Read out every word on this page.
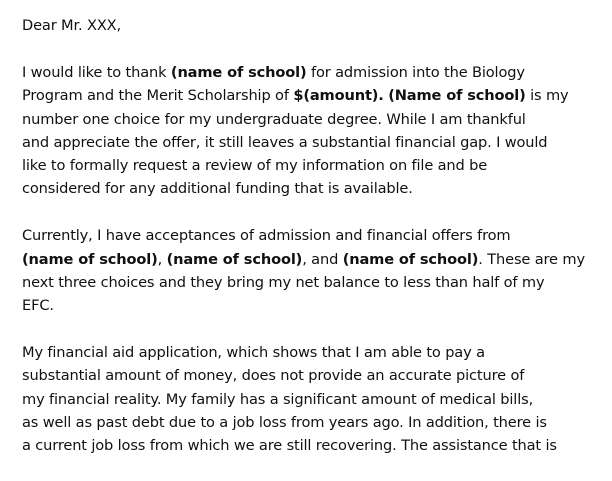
Dear Mr. XXX,

I would like to thank (name of school) for admission into the Biology
Program and the Merit Scholarship of $(amount). (Name of school) is my
number one choice for my undergraduate degree. While I am thankful
and appreciate the offer, it still leaves a substantial financial gap. I would
like to formally request a review of my information on file and be
considered for any additional funding that is available.

Currently, I have acceptances of admission and financial offers from
(name of school), (name of school), and (name of school). These are my
next three choices and they bring my net balance to less than half of my
EFC.

My financial aid application, which shows that I am able to pay a
substantial amount of money, does not provide an accurate picture of
my financial reality. My family has a significant amount of medical bills,
as well as past debt due to a job loss from years ago. In addition, there is
a current job loss from which we are still recovering. The assistance that is
